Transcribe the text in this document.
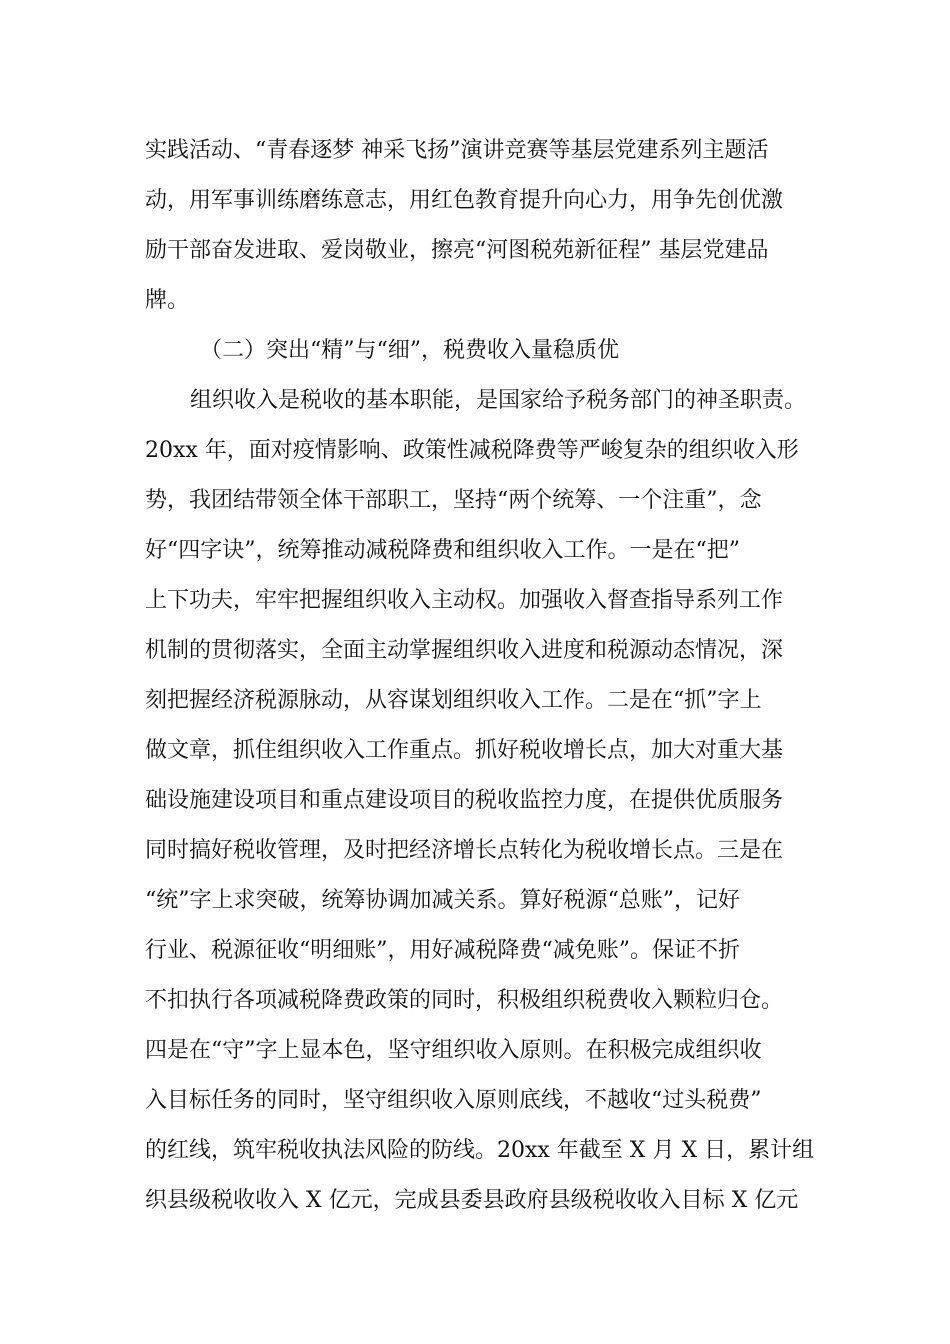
实践活动、“青春逐梦 神采飞扬”演讲竞赛等基层党建系列主题活
动，用军事训练磨练意志，用红色教育提升向心力，用争先创优激
励干部奋发进取、爱岗敬业，擦亮“河图税苑新征程” 基层党建品
牌。
（二）突出“精”与“细”，税费收入量稳质优
组织收入是税收的基本职能，是国家给予税务部门的神圣职责。
20xx 年，面对疫情影响、政策性减税降费等严峻复杂的组织收入形
势，我团结带领全体干部职工，坚持“两个统筹、一个注重”，念
好“四字诀”，统筹推动减税降费和组织收入工作。一是在“把”
上下功夫，牢牢把握组织收入主动权。加强收入督查指导系列工作
机制的贯彻落实，全面主动掌握组织收入进度和税源动态情况，深
刻把握经济税源脉动，从容谋划组织收入工作。二是在“抓”字上
做文章，抓住组织收入工作重点。抓好税收增长点，加大对重大基
础设施建设项目和重点建设项目的税收监控力度，在提供优质服务
同时搞好税收管理，及时把经济增长点转化为税收增长点。三是在
“统”字上求突破，统筹协调加减关系。算好税源“总账”，记好
行业、税源征收“明细账”，用好减税降费“减免账”。保证不折
不扣执行各项减税降费政策的同时，积极组织税费收入颗粒归仓。
四是在“守”字上显本色，坚守组织收入原则。在积极完成组织收
入目标任务的同时，坚守组织收入原则底线，不越收“过头税费”
的红线，筑牢税收执法风险的防线。20xx 年截至 X 月 X 日，累计组
织县级税收收入 X 亿元，完成县委县政府县级税收收入目标 X 亿元
